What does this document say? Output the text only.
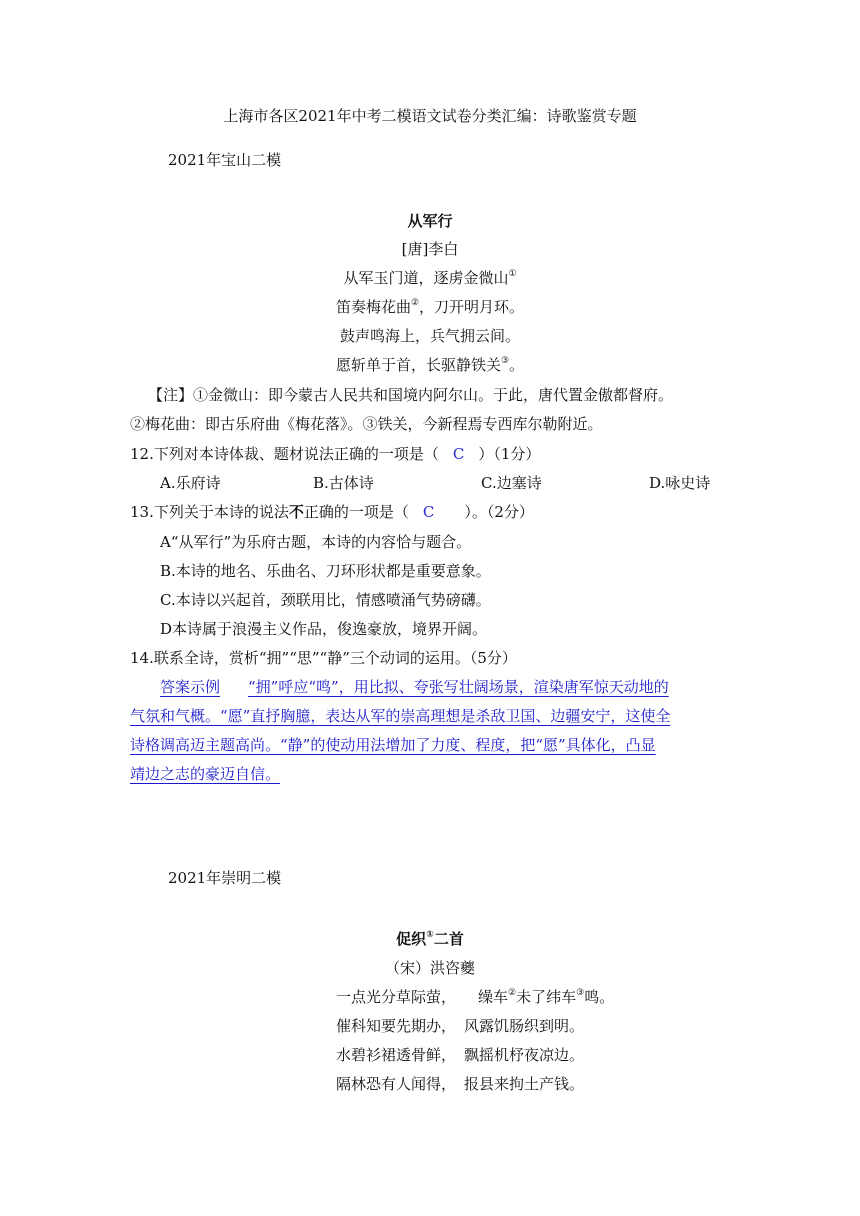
上海市各区2021年中考二模语文试卷分类汇编：诗歌鉴赏专题
2021年宝山二模
从军行
[唐]李白
从军玉门道，逐虏金微山①
笛奏梅花曲②，刀开明月环。
鼓声鸣海上，兵气拥云间。
愿斩单于首，长驱静铁关③。
【注】①金微山：即今蒙古人民共和国境内阿尔山。于此，唐代置金傲都督府。
②梅花曲：即古乐府曲《梅花落》。③铁关，今新程焉专西库尔勒附近。
12.下列对本诗体裁、题材说法正确的一项是（ C ）（1分）
A.乐府诗	B.古体诗	C.边塞诗	D.咏史诗
13.下列关于本诗的说法不正确的一项是（ C ）。（2分）
A“从军行”为乐府古题，本诗的内容恰与题合。
B.本诗的地名、乐曲名、刀环形状都是重要意象。
C.本诗以兴起首，颈联用比，情感喷涌气势磅礴。
D本诗属于浪漫主义作品，俊逸豪放，境界开阔。
14.联系全诗，赏析“拥”“思”“静”三个动词的运用。（5分）
答案示例 “拥”呼应“鸣”，用比拟、夸张写壮阔场景，渲染唐军惊天动地的
气氛和气概。“愿”直抒胸臆，表达从军的崇高理想是杀敌卫国、边疆安宁，这使全
诗格调高迈主题高尚。“静”的使动用法增加了力度、程度，把“愿”具体化，凸显
靖边之志的豪迈自信。
2021年崇明二模
促织①二首
（宋）洪咨夔
一点光分草际萤， 缲车②未了纬车③鸣。
催科知要先期办， 风露饥肠织到明。
水碧衫裙透骨鲜， 飘摇机杼夜凉边。
隔林恐有人闻得， 报县来拘土产钱。
